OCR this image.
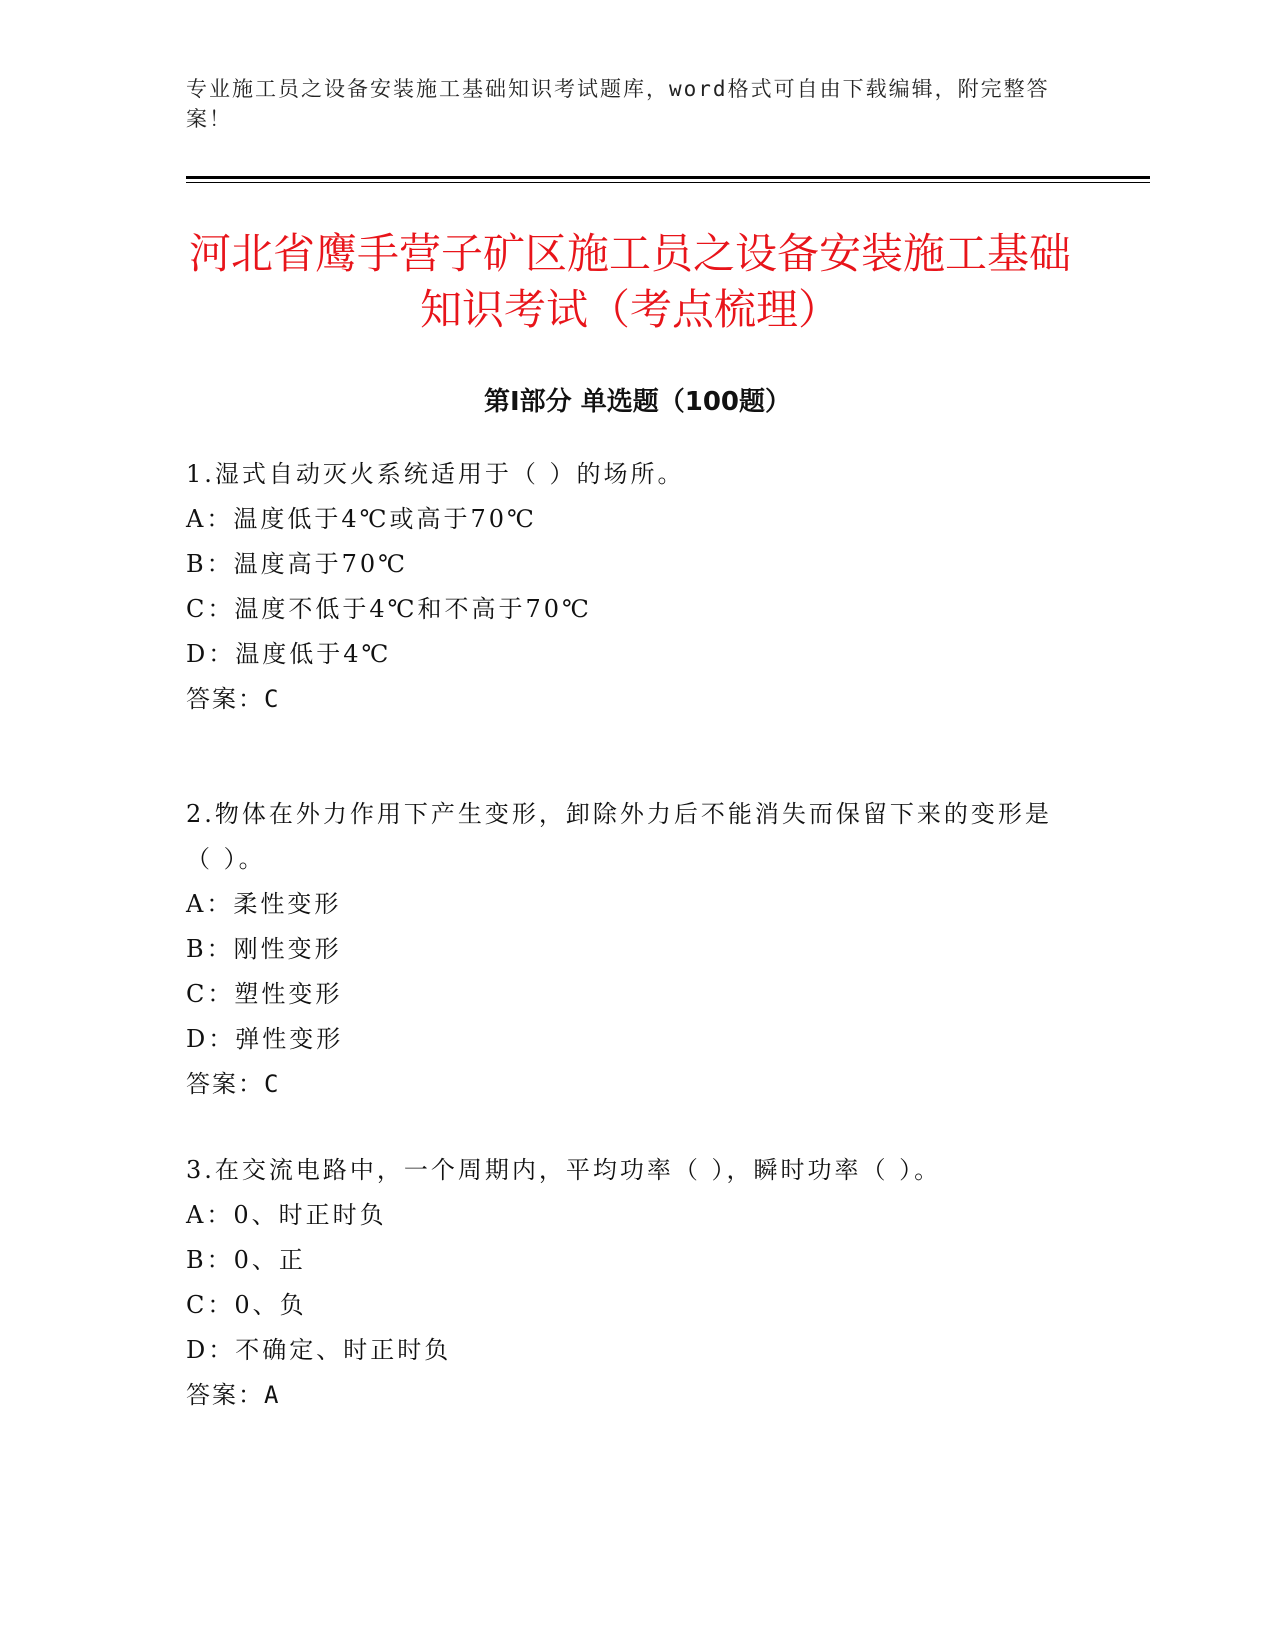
专业施工员之设备安装施工基础知识考试题库，word格式可自由下载编辑，附完整答案！
河北省鹰手营子矿区施工员之设备安装施工基础知识考试（考点梳理）
第Ⅰ部分 单选题（100题）

1.湿式自动灭火系统适用于（ ）的场所。

A：温度低于4℃或高于70℃

B：温度高于70℃

C：温度不低于4℃和不高于70℃

D：温度低于4℃

答案：C

2.物体在外力作用下产生变形，卸除外力后不能消失而保留下来的变形是（ ）。

A：柔性变形

B：刚性变形

C：塑性变形

D：弹性变形

答案：C

3.在交流电路中，一个周期内，平均功率（ ），瞬时功率（ ）。

A：0、时正时负

B：0、正

C：0、负

D：不确定、时正时负

答案：A
